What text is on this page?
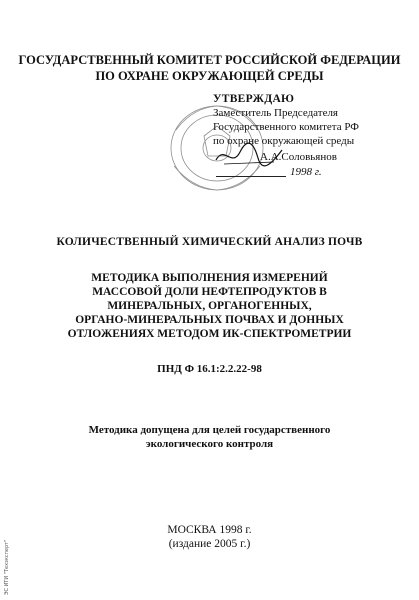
ГОСУДАРСТВЕННЫЙ КОМИТЕТ РОССИЙСКОЙ ФЕДЕРАЦИИ
ПО ОХРАНЕ ОКРУЖАЮЩЕЙ СРЕДЫ
УТВЕРЖДАЮ
Заместитель Председателя
Государственного комитета РФ
по охране окружающей среды
А.А.Соловьянов
1998 г.
КОЛИЧЕСТВЕННЫЙ ХИМИЧЕСКИЙ АНАЛИЗ ПОЧВ
МЕТОДИКА ВЫПОЛНЕНИЯ ИЗМЕРЕНИЙ
МАССОВОЙ ДОЛИ НЕФТЕПРОДУКТОВ В
МИНЕРАЛЬНЫХ, ОРГАНОГЕННЫХ,
ОРГАНО-МИНЕРАЛЬНЫХ ПОЧВАХ И ДОННЫХ
ОТЛОЖЕНИЯХ МЕТОДОМ ИК-СПЕКТРОМЕТРИИ
ПНД Ф 16.1:2.2.22-98
Методика допущена для целей государственного
экологического контроля
МОСКВА 1998 г.
(издание 2005 г.)
ЭС ИТИ "Техэксперт"
